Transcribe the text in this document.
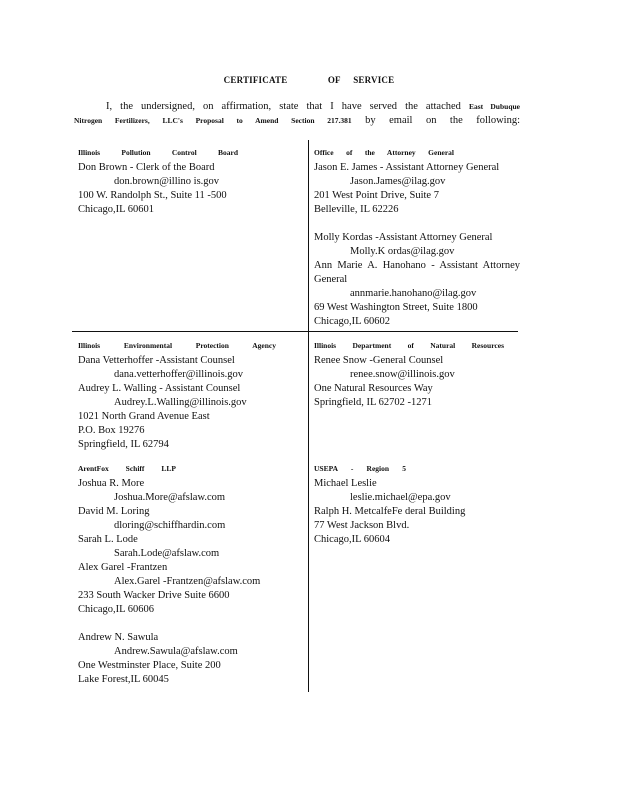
CERTIFICATE	OF SERVICE
I, the undersigned, on affirmation, state that I have served the attached East Dubuque
Nitrogen Fertilizers, LLC's Proposal to Amend Section 217.381 by email on the following:
Illinois Pollution Control Board
Don Brown - Clerk of the Board
don.brown@illino is.gov
100 W. Randolph St., Suite 11 -500
Chicago,IL 60601
Office of the Attorney General
Jason E. James - Assistant Attorney General
Jason.James@ilag.gov
201 West Point Drive, Suite 7
Belleville, IL 62226
Molly Kordas -Assistant Attorney General
Molly.K ordas@ilag.gov
Ann Marie A. Hanohano - Assistant Attorney General
annmarie.hanohano@ilag.gov
69 West Washington Street, Suite 1800
Chicago,IL 60602
Illinois Environmental Protection Agency
Dana Vetterhoffer -Assistant Counsel
dana.vetterhoffer@illinois.gov
Audrey L. Walling - Assistant Counsel
Audrey.L.Walling@illinois.gov
1021 North Grand Avenue East
P.O. Box 19276
Springfield, IL 62794
Illinois Department of Natural Resources
Renee Snow -General Counsel
renee.snow@illinois.gov
One Natural Resources Way
Springfield, IL 62702 -1271
ArentFox Schiff LLP
Joshua R. More
Joshua.More@afslaw.com
David M. Loring
dloring@schiffhardin.com
Sarah L. Lode
Sarah.Lode@afslaw.com
Alex Garel -Frantzen
Alex.Garel -Frantzen@afslaw.com
233 South Wacker Drive Suite 6600
Chicago,IL 60606
Andrew N. Sawula
Andrew.Sawula@afslaw.com
One Westminster Place, Suite 200
Lake Forest,IL 60045
USEPA - Region 5
Michael Leslie
leslie.michael@epa.gov
Ralph H. MetcalfeFe deral Building
77 West Jackson Blvd.
Chicago,IL 60604
